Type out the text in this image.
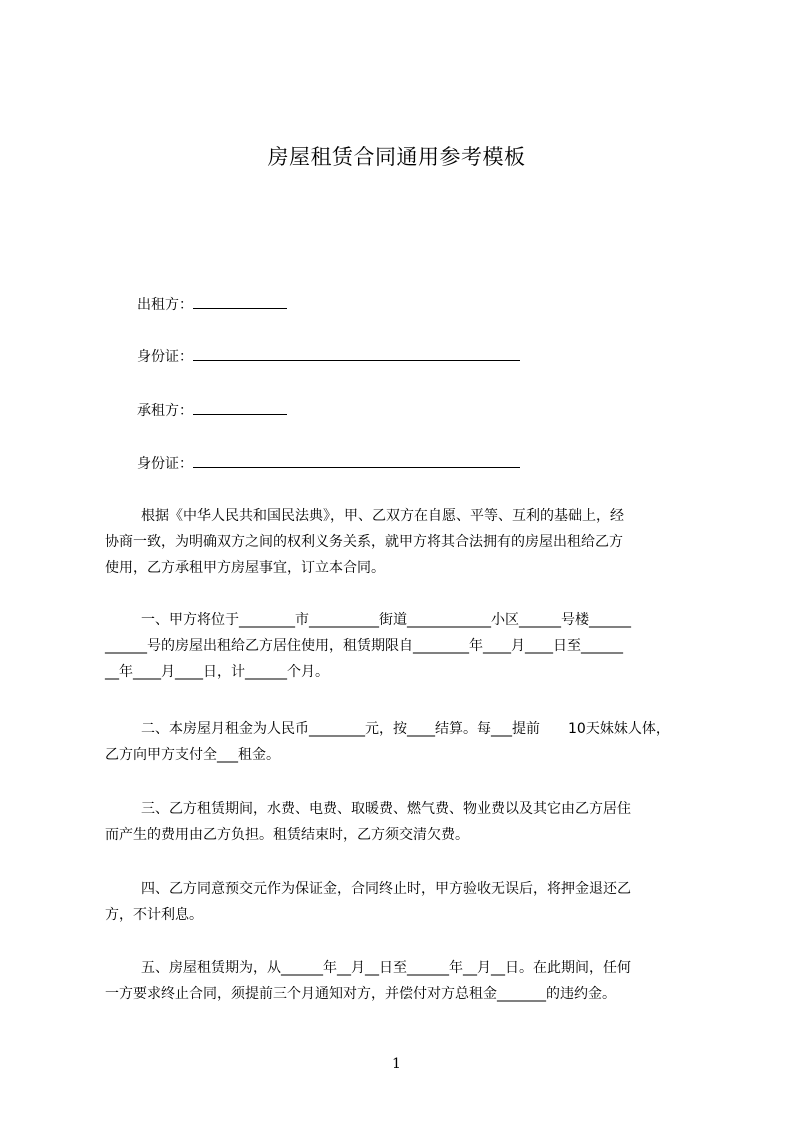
房屋租赁合同通用参考模板
出租方：
身份证：
承租方：
身份证：
根据《中华人民共和国民法典》，甲、乙双方在自愿、平等、互利的基础上，经
协商一致，为明确双方之间的权利义务关系，就甲方将其合法拥有的房屋出租给乙方
使用，乙方承租甲方房屋事宜，订立本合同。
一、甲方将位于________市__________街道____________小区______号楼______
______号的房屋出租给乙方居住使用，租赁期限自________年____月____日至______
__年____月____日，计______个月。
二、本房屋月租金为人民币________元，按____结算。每___提前　　10天妹妹人体，
乙方向甲方支付全___租金。
三、乙方租赁期间，水费、电费、取暖费、燃气费、物业费以及其它由乙方居住
而产生的费用由乙方负担。租赁结束时，乙方须交清欠费。
四、乙方同意预交元作为保证金，合同终止时，甲方验收无误后，将押金退还乙
方，不计利息。
五、房屋租赁期为，从______年__月__日至______年__月__日。在此期间，任何
一方要求终止合同，须提前三个月通知对方，并偿付对方总租金_______的违约金。
1
